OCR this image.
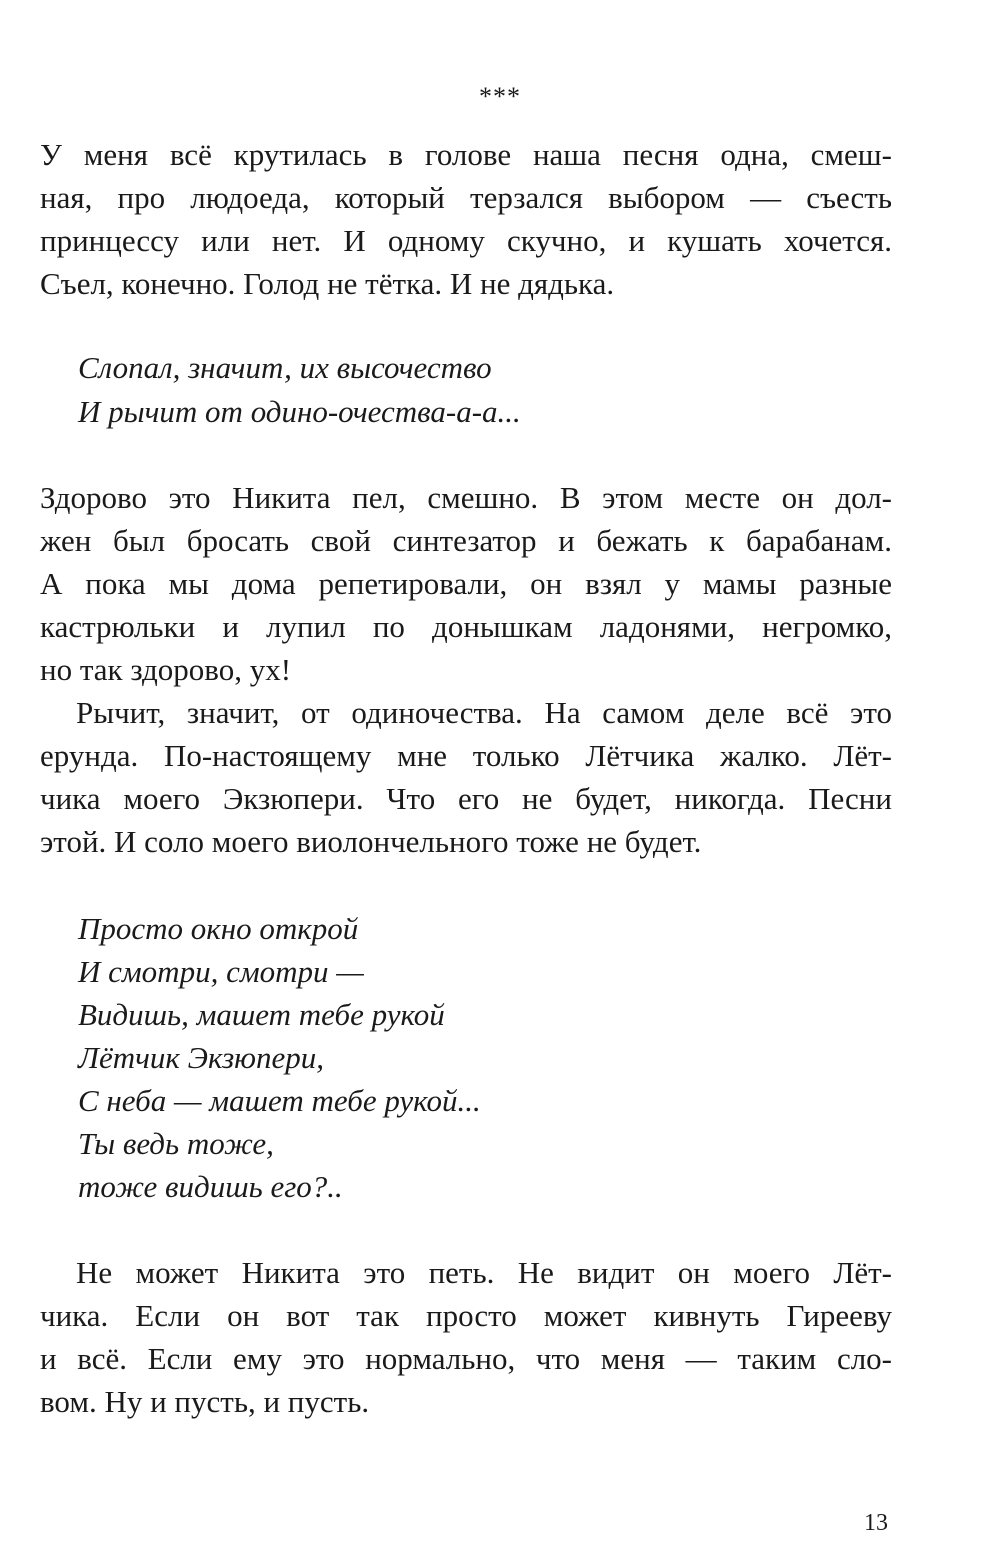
***
У меня всё крутилась в голове наша песня одна, смеш-
ная, про людоеда, который терзался выбором — съесть
принцессу или нет. И одному скучно, и кушать хочется.
Съел, конечно. Голод не тётка. И не дядька.
Слопал, значит, их высочество
И рычит от одино-очества-а-а...
Здорово это Никита пел, смешно. В этом месте он дол-
жен был бросать свой синтезатор и бежать к барабанам.
А пока мы дома репетировали, он взял у мамы разные
кастрюльки и лупил по донышкам ладонями, негромко,
но так здорово, ух!
Рычит, значит, от одиночества. На самом деле всё это
ерунда. По-настоящему мне только Лётчика жалко. Лёт-
чика моего Экзюпери. Что его не будет, никогда. Песни
этой. И соло моего виолончельного тоже не будет.
Просто окно открой
И смотри, смотри —
Видишь, машет тебе рукой
Лётчик Экзюпери,
С неба — машет тебе рукой...
Ты ведь тоже,
тоже видишь его?..
Не может Никита это петь. Не видит он моего Лёт-
чика. Если он вот так просто может кивнуть Гирееву
и всё. Если ему это нормально, что меня — таким сло-
вом. Ну и пусть, и пусть.
13
